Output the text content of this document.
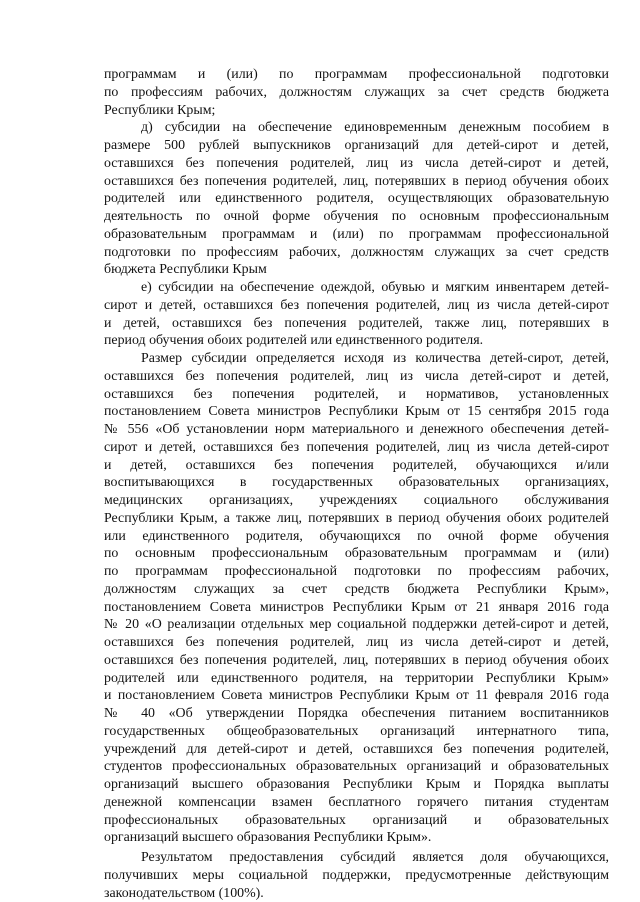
программам и (или) по программам профессиональной подготовки
по профессиям рабочих, должностям служащих за счет средств бюджета
Республики Крым;
д) субсидии на обеспечение единовременным денежным пособием в
размере 500 рублей выпускников организаций для детей-сирот и детей,
оставшихся без попечения родителей, лиц из числа детей-сирот и детей,
оставшихся без попечения родителей, лиц, потерявших в период обучения обоих
родителей или единственного родителя, осуществляющих образовательную
деятельность по очной форме обучения по основным профессиональным
образовательным программам и (или) по программам профессиональной
подготовки по профессиям рабочих, должностям служащих за счет средств
бюджета Республики Крым
е) субсидии на обеспечение одеждой, обувью и мягким инвентарем детей-
сирот и детей, оставшихся без попечения родителей, лиц из числа детей-сирот
и детей, оставшихся без попечения родителей, также лиц, потерявших в
период обучения обоих родителей или единственного родителя.
Размер субсидии определяется исходя из количества детей-сирот, детей,
оставшихся без попечения родителей, лиц из числа детей-сирот и детей,
оставшихся без попечения родителей, и нормативов, установленных
постановлением Совета министров Республики Крым от 15 сентября 2015 года
№ 556 «Об установлении норм материального и денежного обеспечения детей-
сирот и детей, оставшихся без попечения родителей, лиц из числа детей-сирот
и детей, оставшихся без попечения родителей, обучающихся и/или
воспитывающихся в государственных образовательных организациях,
медицинских организациях, учреждениях социального обслуживания
Республики Крым, а также лиц, потерявших в период обучения обоих родителей
или единственного родителя, обучающихся по очной форме обучения
по основным профессиональным образовательным программам и (или)
по программам профессиональной подготовки по профессиям рабочих,
должностям служащих за счет средств бюджета Республики Крым»,
постановлением Совета министров Республики Крым от 21 января 2016 года
№ 20 «О реализации отдельных мер социальной поддержки детей-сирот и детей,
оставшихся без попечения родителей, лиц из числа детей-сирот и детей,
оставшихся без попечения родителей, лиц, потерявших в период обучения обоих
родителей или единственного родителя, на территории Республики Крым»
и постановлением Совета министров Республики Крым от 11 февраля 2016 года
№ 40 «Об утверждении Порядка обеспечения питанием воспитанников
государственных общеобразовательных организаций интернатного типа,
учреждений для детей-сирот и детей, оставшихся без попечения родителей,
студентов профессиональных образовательных организаций и образовательных
организаций высшего образования Республики Крым и Порядка выплаты
денежной компенсации взамен бесплатного горячего питания студентам
профессиональных образовательных организаций и образовательных
организаций высшего образования Республики Крым».
Результатом предоставления субсидий является доля обучающихся,
получивших меры социальной поддержки, предусмотренные действующим
законодательством (100%).
